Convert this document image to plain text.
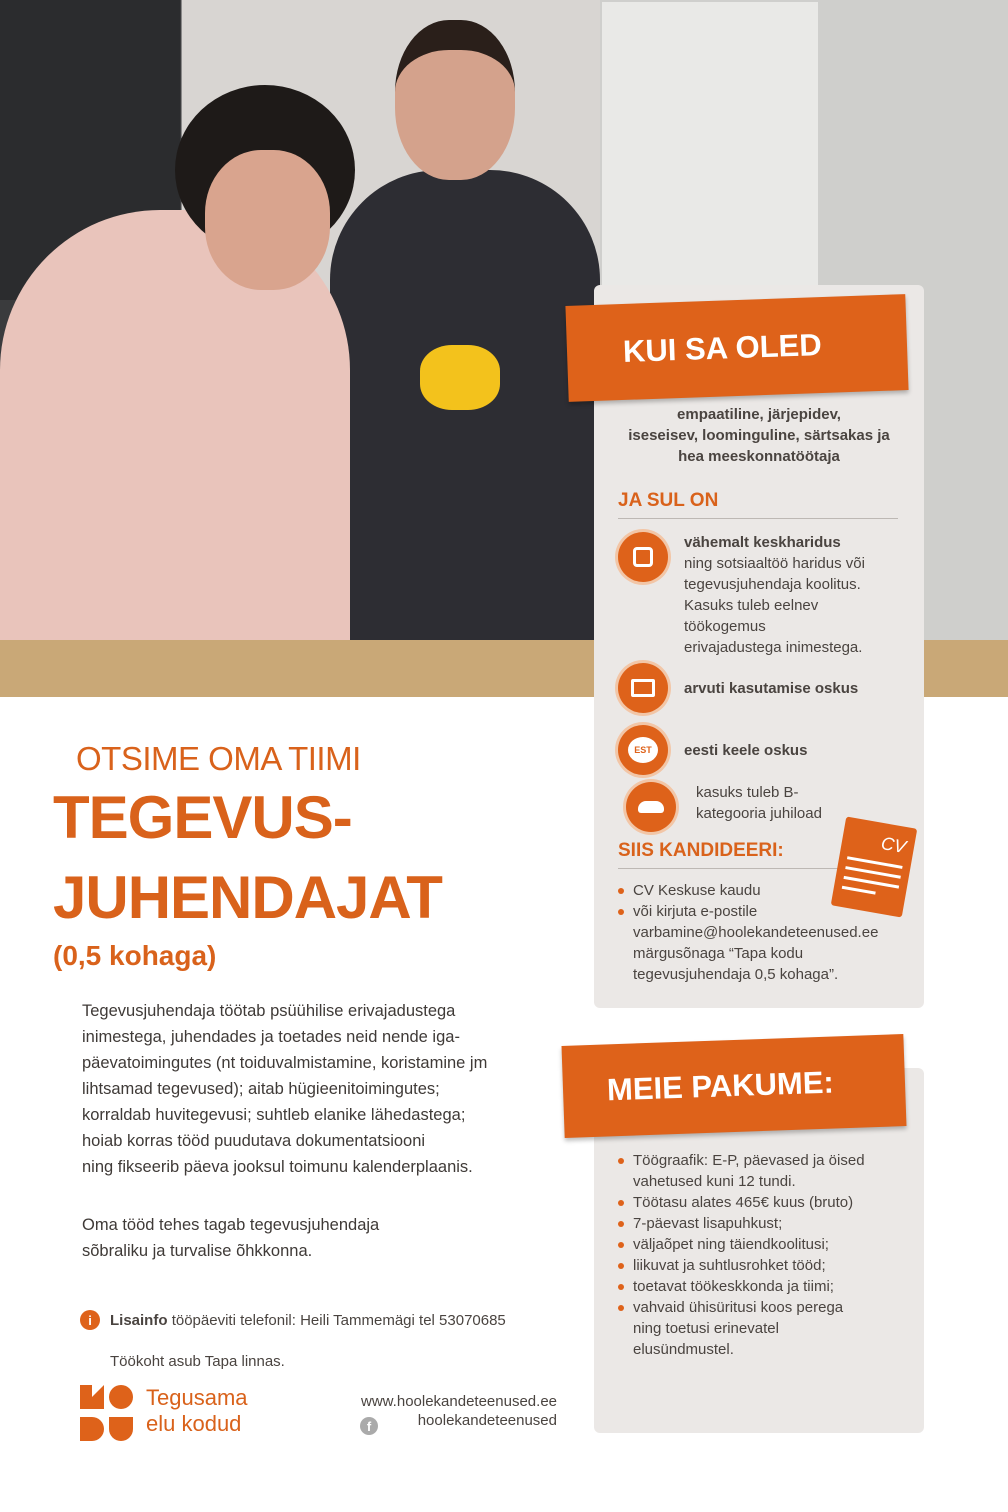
OTSIME OMA TIIMI
TEGEVUS-
JUHENDAJAT
(0,5 kohaga)
Tegevusjuhendaja töötab psüühilise erivajadustega
inimestega, juhendades ja toetades neid nende iga-
päevatoimingutes (nt toiduvalmistamine, koristamine jm
lihtsamad tegevused); aitab hügieenitoimingutes;
korraldab huvitegevusi; suhtleb elanike lähedastega;
hoiab korras tööd puudutava dokumentatsiooni
ning fikseerib päeva jooksul toimunu kalenderplaanis.
Oma tööd tehes tagab tegevusjuhendaja
sõbraliku ja turvalise õhkkonna.
i	Lisainfo tööpäeviti telefonil: Heili Tammemägi tel 53070685
Töökoht asub Tapa linnas.
Tegusama
elu kodud
www.hoolekandeteenused.ee
f	hoolekandeteenused
KUI SA OLED
empaatiline, järjepidev,
iseseisev, loominguline, särtsakas ja
hea meeskonnatöötaja
JA SUL ON
vähemalt keskharidus
ning sotsiaaltöö haridus või
tegevusjuhendaja koolitus.
Kasuks tuleb eelnev
töökogemus
erivajadustega inimestega.
arvuti kasutamise oskus
EST	eesti keele oskus
kasuks tuleb B-
kategooria juhiload
SIIS KANDIDEERI:	CV
CV Keskuse kaudu
või kirjuta e-postile
varbamine@hoolekandeteenused.ee
märgusõnaga “Tapa kodu
tegevusjuhendaja 0,5 kohaga”.
MEIE PAKUME:
Töögraafik: E-P, päevased ja öised
vahetused kuni 12 tundi.
Töötasu alates 465€ kuus (bruto)
7-päevast lisapuhkust;
väljaõpet ning täiendkoolitusi;
liikuvat ja suhtlusrohket tööd;
toetavat töökeskkonda ja tiimi;
vahvaid ühisüritusi koos perega
ning toetusi erinevatel
elusündmustel.
